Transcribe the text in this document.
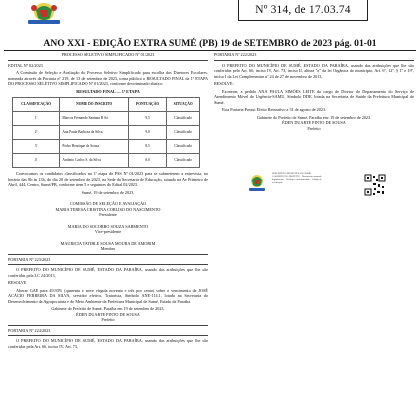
Nº 314, de 17.03.74
ANO XXI - EDIÇÃO EXTRA SUMÉ (PB) 19 de SETEMBRO de 2023 pág. 01-01
PROCESSO SELETIVO SIMPLIFICADO Nº 01/2023
EDITAL Nº 02/2023

A Comissão de Seleção e Avaliação do Processo Seletivo Simplificado para escolha dos Diretores Escolares, nomeada através da Portaria nº 219, de 13 de setembro de 2023, torna público o RESULTADO FINAL da 1ª ETAPA DO PROCESSO SELETIVO SIMPLIFICADO Nº 01/2023, conforme descriminado abaixo:

RESULTADO FINAL — 1ª ETAPA
CLASSIFICAÇÃO	NOME DO INSCRITO	PONTUAÇÃO	SITUAÇÃO
1º	Marcos Fernando Santana B Sá	9,5	Classificado
2º	Ana Paula Barbosa da Silva	9,0	Classificado
3º	Pedro Henrique de Souza	8,5	Classificado
4º	Antônio Carlos S. da Silva	8,0	Classificado

Convocamos os candidatos classificados na 1ª etapa do PSS Nº 01/2023 para se submeterem a entrevista, no horário das 8h às 13h, do dia 20 de setembro de 2023, na Sede da Secretaria de Educação, situada na Av Primeiro de Abril, 444, Centro, Sumé/PB, conforme item 5 e seguintes do Edital 02/2023.

Sumé, 19 de setembro de 2023.
COMISSÃO DE SELEÇÃO E AVALIAÇÃO
MARIA TERESA CRISTINA CORLISO DO NASCIMENTO
Presidente
MARIA DO SOCORRO SOUZA SARMENTO
Vice-presidente
MAURICIA TATIBLE SOUSA MOURA DE AMORIM
Membro
PORTARIA Nº 223/2023

O PREFEITO DO MUNICÍPIO DE SUMÉ, ESTADO DA PARAÍBA, usando das atribuições que lhe são conferidas pela LC 24/2013,

RESOLVE

Alterar GAE para 49,93% (quarenta e nove vírgula noventa e três por cento) sobre o vencimento de JOSÉ ACÁCIO FERREIRA DA SILVA, servidor efetivo, Tratorista, Símbolo ANE-114.1, lotado na Secretaria do Desenvolvimento da Agropecuária e do Meio Ambiente da Prefeitura Municipal de Sumé, Estado da Paraíba.

Gabinete do Prefeito de Sumé, Paraíba em 19 de setembro de 2023.
ÉDEN DUARTE PINTO DE SOUSA
Prefeito
PORTARIA Nº 224/2023

O PREFEITO DO MUNICÍPIO DE SUMÉ, ESTADO DA PARAÍBA, usando das atribuições que lhe são conferidas pela Art. 66, inciso IV, Art. 73,

PORTARIA Nº 222/2023

O PREFEITO DO MUNICÍPIO DE SUMÉ, ESTADO DA PARAÍBA, usando das atribuições que lhe são conferidas pelo Art. 66, inciso IV, Art. 73, inciso II, alínea "a" da lei Orgânica do município, Art. 6º, 12º, § 1º e 19º, inciso I da Lei Complementar nº 24 de 27 de novembro de 2013,

RESOLVE:

Exonerar, a pedido ANA PAULA SIMÕES LEITE do cargo de Diretor do Departamento do Serviço de Atendimento Móvel de Urgência-SAMU, Símbolo DDE, lotada na Secretaria de Saúde da Prefeitura Municipal de Sumé.

Esta Portaria Possui Efeito Retroativo a 31 de agosto de 2023.

Gabinete do Prefeito de Sumé, Paraíba em: 19 de setembro de 2023.
ÉDEN DUARTE PINTO DE SOUSA
Prefeito
PREFEITURA MUNICIPAL DE SUMÉ · GABINETE DO PREFEITO · Documento assinado digitalmente · Verifique a autenticidade · Código de verificação
